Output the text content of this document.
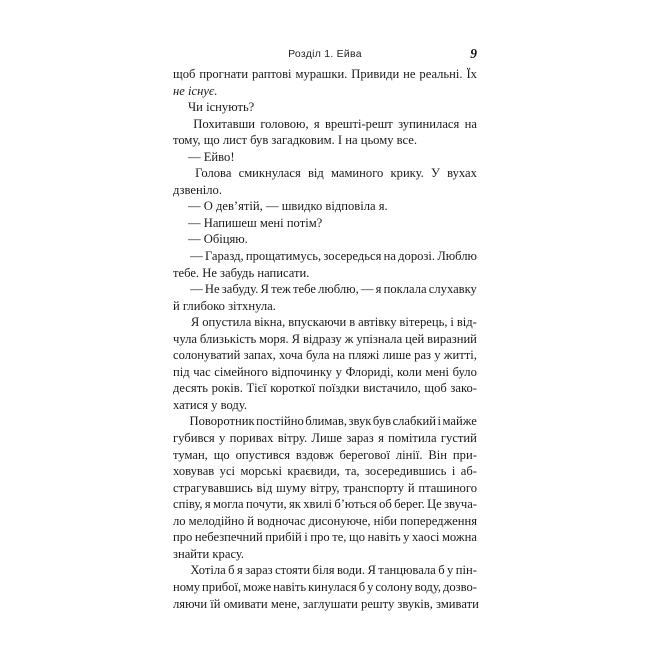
Розділ 1. Ейва	9
щоб прогнати раптові мурашки. Привиди не реальні. Їх
не існує.
Чи існують?
Похитавши головою, я врешті-решт зупинилася на
тому, що лист був загадковим. І на цьому все.
— Ейво!
Голова смикнулася від маминого крику. У вухах
дзвеніло.
— О дев’ятій, — швидко відповіла я.
— Напишеш мені потім?
— Обіцяю.
— Гаразд, прощатимусь, зосередься на дорозі. Люблю
тебе. Не забудь написати.
— Не забуду. Я теж тебе люблю, — я поклала слухавку
й глибоко зітхнула.
Я опустила вікна, впускаючи в автівку вітерець, і від-
чула близькість моря. Я відразу ж упізнала цей виразний
солонуватий запах, хоча була на пляжі лише раз у житті,
під час сімейного відпочинку у Флориді, коли мені було
десять років. Тієї короткої поїздки вистачило, щоб зако-
хатися у воду.
Поворотник постійно блимав, звук був слабкий і майже
губився у поривах вітру. Лише зараз я помітила густий
туман, що опустився вздовж берегової лінії. Він при-
ховував усі морські краєвиди, та, зосередившись і аб-
страгувавшись від шуму вітру, транспорту й пташиного
співу, я могла почути, як хвилі б’ються об берег. Це звуча-
ло мелодійно й водночас дисонуюче, ніби попередження
про небезпечний прибій і про те, що навіть у хаосі можна
знайти красу.
Хотіла б я зараз стояти біля води. Я танцювала б у пін-
ному прибої, може навіть кинулася б у солону воду, дозво-
ляючи їй омивати мене, заглушати решту звуків, змивати
